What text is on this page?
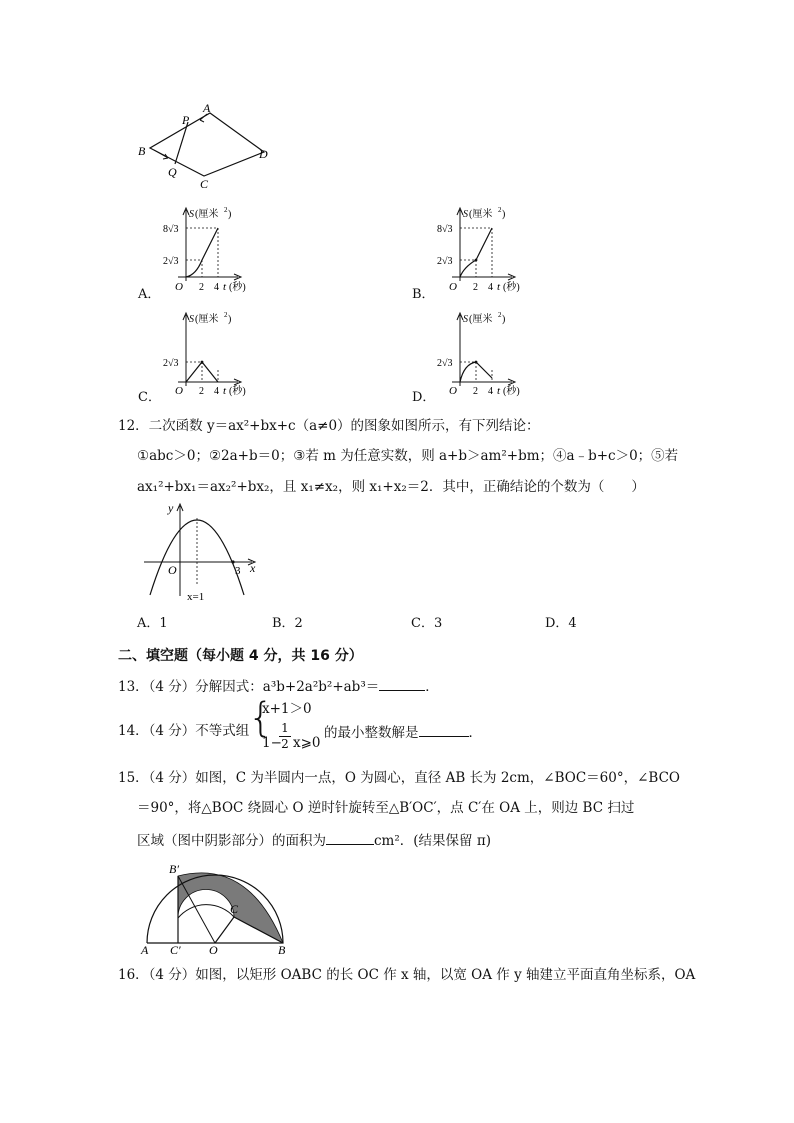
A
P
B	D
Q
C
A．
S (厘米 2 )
8√3
2√3
O 2 4 t (秒)	B．
S (厘米 2 )
8√3
2√3
O 2 4 t (秒)
C．
S (厘米 2 )
2√3
O 2 4 t (秒)	D．
S (厘米 2 )
2√3
O 2 4 t (秒)
12．二次函数 y＝ax²+bx+c（a≠0）的图象如图所示，有下列结论：
①abc＞0；②2a+b＝0；③若 m 为任意实数，则 a+b＞am²+bm；④a﹣b+c＞0；⑤若
ax₁²+bx₁＝ax₂²+bx₂，且 x₁≠x₂，则 x₁+x₂＝2．其中，正确结论的个数为（　　）
y
x
O	3
x=1
A．1	B．2	C．3	D．4
二、填空题（每小题 4 分，共 16 分）
13．（4 分）分解因式：a³b+2a²b²+ab³＝	．
14．（4 分）不等式组
{
x+1＞0
1−
$\frac{1}{2}$ x⩾0
的最小整数解是	．
15．（4 分）如图，C 为半圆内一点，O 为圆心，直径 AB 长为 2cm，∠BOC＝60°，∠BCO
＝90°，将△BOC 绕圆心 O 逆时针旋转至△B′OC′，点 C′在 OA 上，则边 BC 扫过
区域（图中阴影部分）的面积为	cm²．(结果保留 π)
B′
C
A C′ O	B
16．（4 分）如图，以矩形 OABC 的长 OC 作 x 轴，以宽 OA 作 y 轴建立平面直角坐标系，OA
